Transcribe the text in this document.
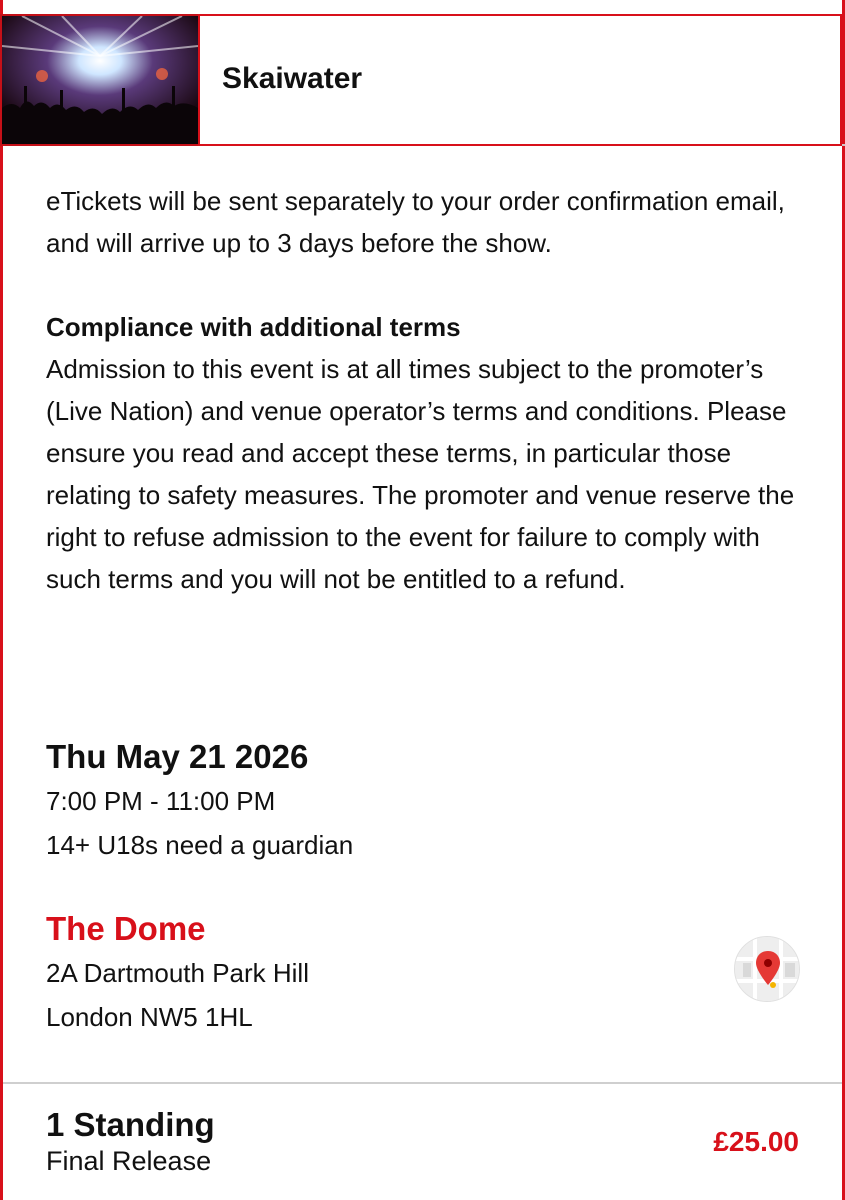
Skaiwater

eTickets will be sent separately to your order confirmation email, and will arrive up to 3 days before the show.

Compliance with additional terms

Admission to this event is at all times subject to the promoter’s (Live Nation) and venue operator’s terms and conditions. Please ensure you read and accept these terms, in particular those relating to safety measures. The promoter and venue reserve the right to refuse admission to the event for failure to comply with such terms and you will not be entitled to a refund.

Thu May 21 2026
7:00 PM - 11:00 PM
14+ U18s need a guardian
The Dome
2A Dartmouth Park Hill
London NW5 1HL
1 Standing
Final Release
£25.00
